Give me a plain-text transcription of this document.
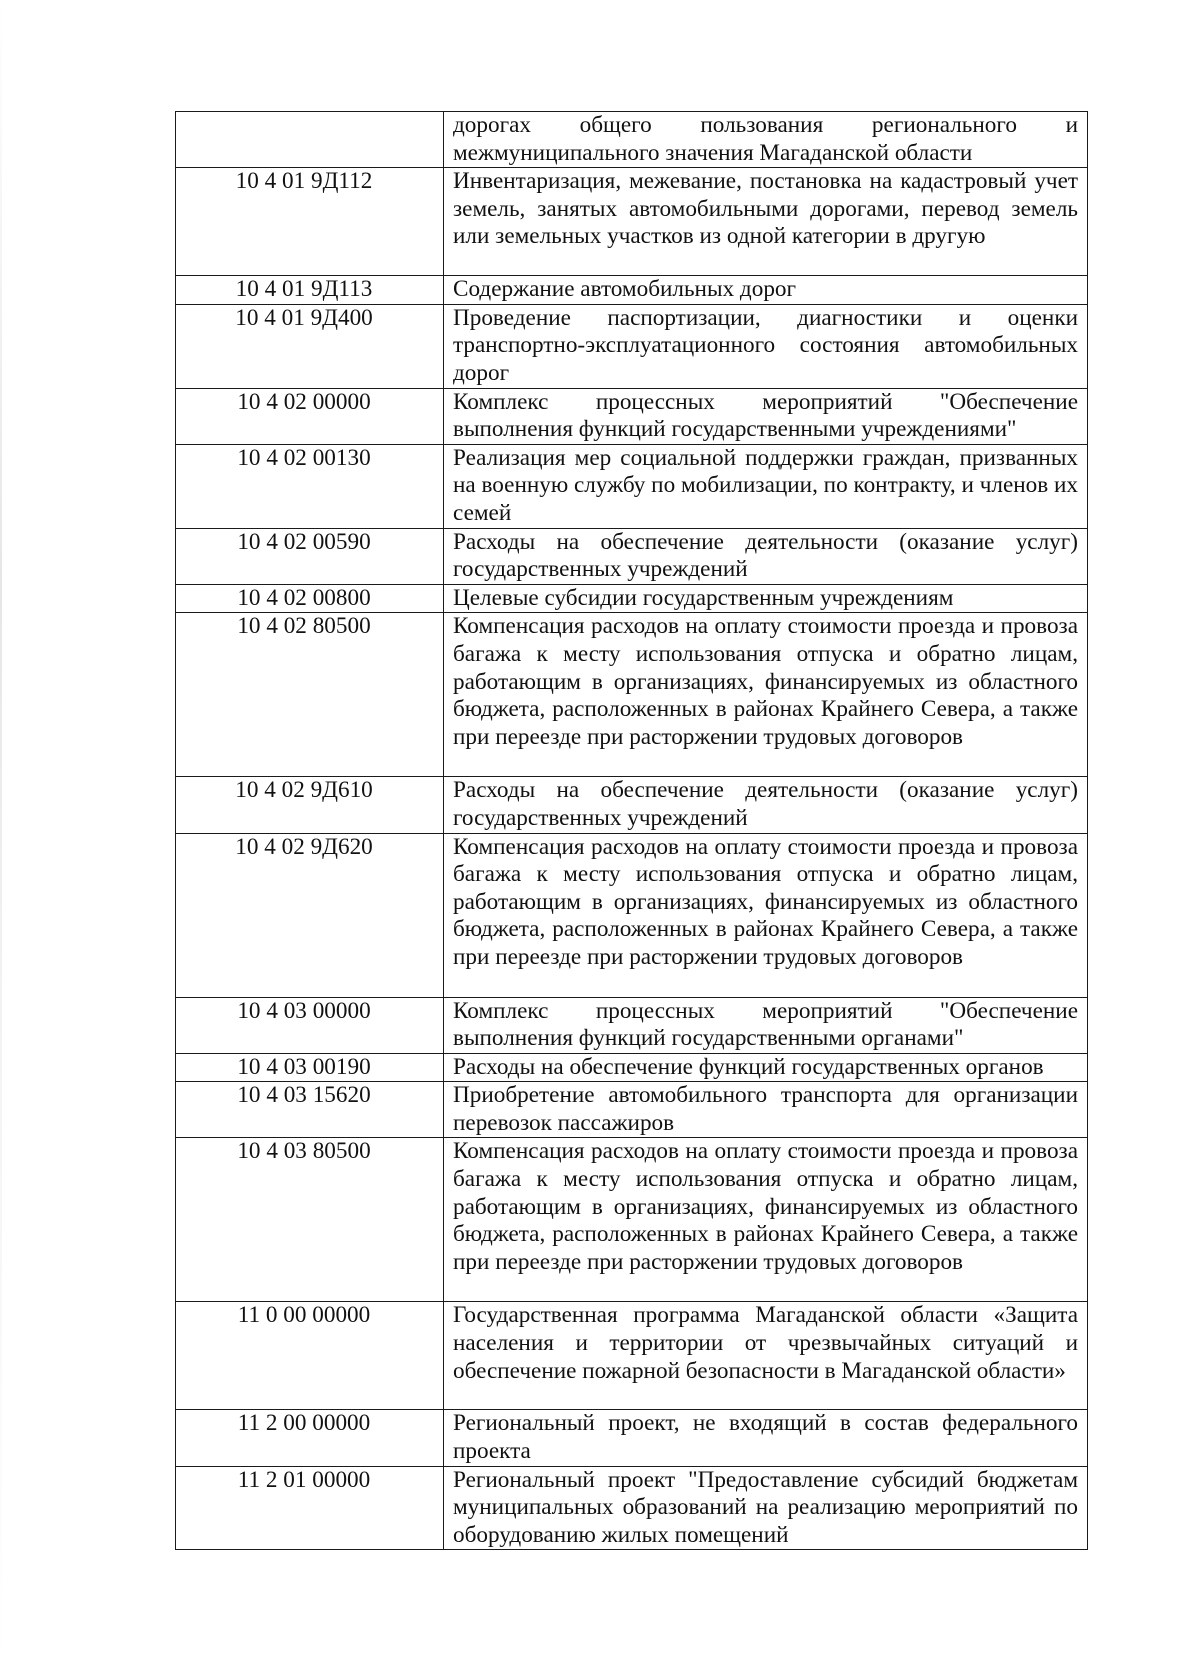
	дорогах общего пользования регионального и межмуниципального значения Магаданской области
10 4 01 9Д112	Инвентаризация, межевание, постановка на кадастровый учет земель, занятых автомобильными дорогами, перевод земель или земельных участков из одной категории в другую
10 4 01 9Д113	Содержание автомобильных дорог
10 4 01 9Д400	Проведение паспортизации, диагностики и оценки транспортно-эксплуатационного состояния автомобильных дорог
10 4 02 00000	Комплекс процессных мероприятий "Обеспечение выполнения функций государственными учреждениями"
10 4 02 00130	Реализация мер социальной поддержки граждан, призванных на военную службу по мобилизации, по контракту, и членов их семей
10 4 02 00590	Расходы на обеспечение деятельности (оказание услуг) государственных учреждений
10 4 02 00800	Целевые субсидии государственным учреждениям
10 4 02 80500	Компенсация расходов на оплату стоимости проезда и провоза багажа к месту использования отпуска и обратно лицам, работающим в организациях, финансируемых из областного бюджета, расположенных в районах Крайнего Севера, а также при переезде при расторжении трудовых договоров
10 4 02 9Д610	Расходы на обеспечение деятельности (оказание услуг) государственных учреждений
10 4 02 9Д620	Компенсация расходов на оплату стоимости проезда и провоза багажа к месту использования отпуска и обратно лицам, работающим в организациях, финансируемых из областного бюджета, расположенных в районах Крайнего Севера, а также при переезде при расторжении трудовых договоров
10 4 03 00000	Комплекс процессных мероприятий "Обеспечение выполнения функций государственными органами"
10 4 03 00190	Расходы на обеспечение функций государственных органов
10 4 03 15620	Приобретение автомобильного транспорта для организации перевозок пассажиров
10 4 03 80500	Компенсация расходов на оплату стоимости проезда и провоза багажа к месту использования отпуска и обратно лицам, работающим в организациях, финансируемых из областного бюджета, расположенных в районах Крайнего Севера, а также при переезде при расторжении трудовых договоров
11 0 00 00000	Государственная программа Магаданской области «Защита населения и территории от чрезвычайных ситуаций и обеспечение пожарной безопасности в Магаданской области»
11 2 00 00000	Региональный проект, не входящий в состав федерального проекта
11 2 01 00000	Региональный проект "Предоставление субсидий бюджетам муниципальных образований на реализацию мероприятий по оборудованию жилых помещений
